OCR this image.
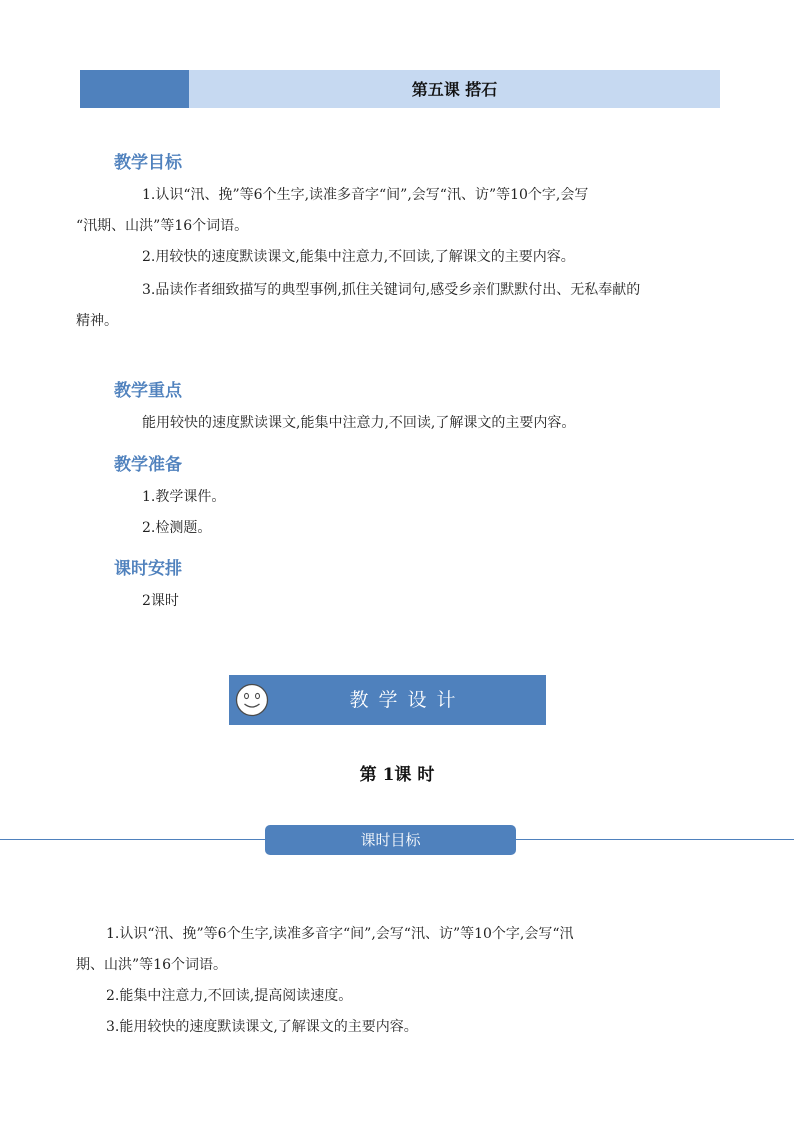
第五课 搭石
教学目标
1.认识“汛、挽”等6个生字,读准多音字“间”,会写“汛、访”等10个字,会写
“汛期、山洪”等16个词语。
2.用较快的速度默读课文,能集中注意力,不回读,了解课文的主要内容。
3.品读作者细致描写的典型事例,抓住关键词句,感受乡亲们默默付出、无私奉献的
精神。
教学重点
能用较快的速度默读课文,能集中注意力,不回读,了解课文的主要内容。
教学准备
1.教学课件。
2.检测题。
课时安排
2课时
教学设计
第 1课 时
课时目标
1.认识“汛、挽”等6个生字,读准多音字“间”,会写“汛、访”等10个字,会写“汛
期、山洪”等16个词语。
2.能集中注意力,不回读,提高阅读速度。
3.能用较快的速度默读课文,了解课文的主要内容。
